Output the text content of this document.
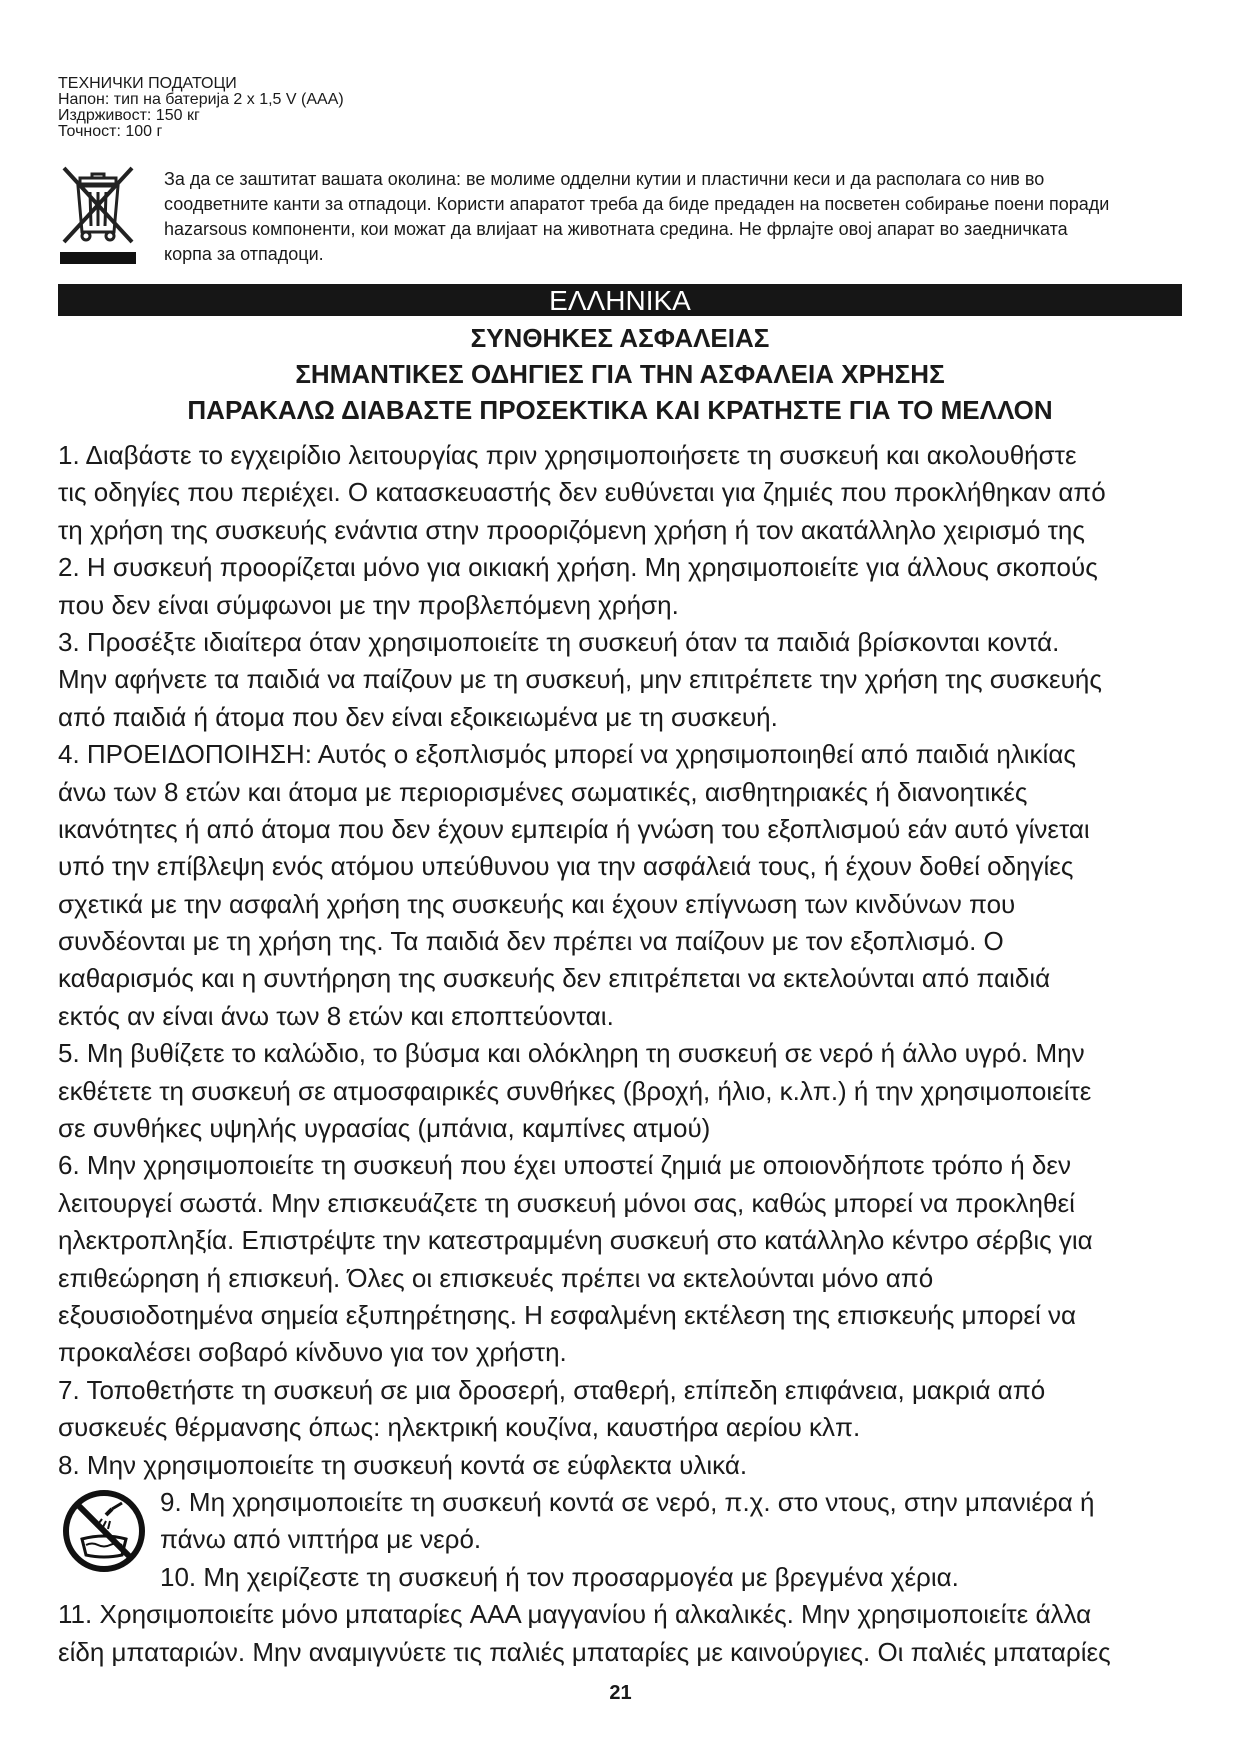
ТЕХНИЧКИ ПОДАТОЦИ
Напон: тип на батерија 2 x 1,5 V (AAA)
Издрживост: 150 кг
Точност: 100 г
За да се заштитат вашата околина: ве молиме одделни кутии и пластични кеси и да располага со нив во
соодветните канти за отпадоци. Користи апаратот треба да биде предаден на посветен собирање поени поради
hazarsous компоненти, кои можат да влијаат на животната средина. Не фрлајте овој апарат во заедничката
корпа за отпадоци.
ΕΛΛΗΝΙΚΑ
ΣΥΝΘΗΚΕΣ ΑΣΦΑΛΕΙΑΣ
ΣΗΜΑΝΤΙΚΕΣ ΟΔΗΓΙΕΣ ΓΙΑ ΤΗΝ ΑΣΦΑΛΕΙΑ ΧΡΗΣΗΣ
ΠΑΡΑΚΑΛΩ ΔΙΑΒΑΣΤΕ ΠΡΟΣΕΚΤΙΚΑ ΚΑΙ ΚΡΑΤΗΣΤΕ ΓΙΑ ΤΟ ΜΕΛΛΟΝ
1. Διαβάστε το εγχειρίδιο λειτουργίας πριν χρησιμοποιήσετε τη συσκευή και ακολουθήστε
τις οδηγίες που περιέχει. Ο κατασκευαστής δεν ευθύνεται για ζημιές που προκλήθηκαν από
τη χρήση της συσκευής ενάντια στην προοριζόμενη χρήση ή τον ακατάλληλο χειρισμό της
2. Η συσκευή προορίζεται μόνο για οικιακή χρήση. Μη χρησιμοποιείτε για άλλους σκοπούς
που δεν είναι σύμφωνοι με την προβλεπόμενη χρήση.
3. Προσέξτε ιδιαίτερα όταν χρησιμοποιείτε τη συσκευή όταν τα παιδιά βρίσκονται κοντά.
Μην αφήνετε τα παιδιά να παίζουν με τη συσκευή, μην επιτρέπετε την χρήση της συσκευής
από παιδιά ή άτομα που δεν είναι εξοικειωμένα με τη συσκευή.
4. ΠΡΟΕΙΔΟΠΟΙΗΣΗ: Αυτός ο εξοπλισμός μπορεί να χρησιμοποιηθεί από παιδιά ηλικίας
άνω των 8 ετών και άτομα με περιορισμένες σωματικές, αισθητηριακές ή διανοητικές
ικανότητες ή από άτομα που δεν έχουν εμπειρία ή γνώση του εξοπλισμού εάν αυτό γίνεται
υπό την επίβλεψη ενός ατόμου υπεύθυνου για την ασφάλειά τους, ή έχουν δοθεί οδηγίες
σχετικά με την ασφαλή χρήση της συσκευής και έχουν επίγνωση των κινδύνων που
συνδέονται με τη χρήση της. Τα παιδιά δεν πρέπει να παίζουν με τον εξοπλισμό. Ο
καθαρισμός και η συντήρηση της συσκευής δεν επιτρέπεται να εκτελούνται από παιδιά
εκτός αν είναι άνω των 8 ετών και εποπτεύονται.
5. Μη βυθίζετε το καλώδιο, το βύσμα και ολόκληρη τη συσκευή σε νερό ή άλλο υγρό. Μην
εκθέτετε τη συσκευή σε ατμοσφαιρικές συνθήκες (βροχή, ήλιο, κ.λπ.) ή την χρησιμοποιείτε
σε συνθήκες υψηλής υγρασίας (μπάνια, καμπίνες ατμού)
6. Μην χρησιμοποιείτε τη συσκευή που έχει υποστεί ζημιά με οποιονδήποτε τρόπο ή δεν
λειτουργεί σωστά. Μην επισκευάζετε τη συσκευή μόνοι σας, καθώς μπορεί να προκληθεί
ηλεκτροπληξία. Επιστρέψτε την κατεστραμμένη συσκευή στο κατάλληλο κέντρο σέρβις για
επιθεώρηση ή επισκευή. Όλες οι επισκευές πρέπει να εκτελούνται μόνο από
εξουσιοδοτημένα σημεία εξυπηρέτησης. Η εσφαλμένη εκτέλεση της επισκευής μπορεί να
προκαλέσει σοβαρό κίνδυνο για τον χρήστη.
7. Τοποθετήστε τη συσκευή σε μια δροσερή, σταθερή, επίπεδη επιφάνεια, μακριά από
συσκευές θέρμανσης όπως: ηλεκτρική κουζίνα, καυστήρα αερίου κλπ.
8. Μην χρησιμοποιείτε τη συσκευή κοντά σε εύφλεκτα υλικά.
9. Μη χρησιμοποιείτε τη συσκευή κοντά σε νερό, π.χ. στο ντους, στην μπανιέρα ή
πάνω από νιπτήρα με νερό.
10. Μη χειρίζεστε τη συσκευή ή τον προσαρμογέα με βρεγμένα χέρια.
11. Χρησιμοποιείτε μόνο μπαταρίες AAA μαγγανίου ή αλκαλικές. Μην χρησιμοποιείτε άλλα
είδη μπαταριών. Μην αναμιγνύετε τις παλιές μπαταρίες με καινούργιες. Οι παλιές μπαταρίες
21
